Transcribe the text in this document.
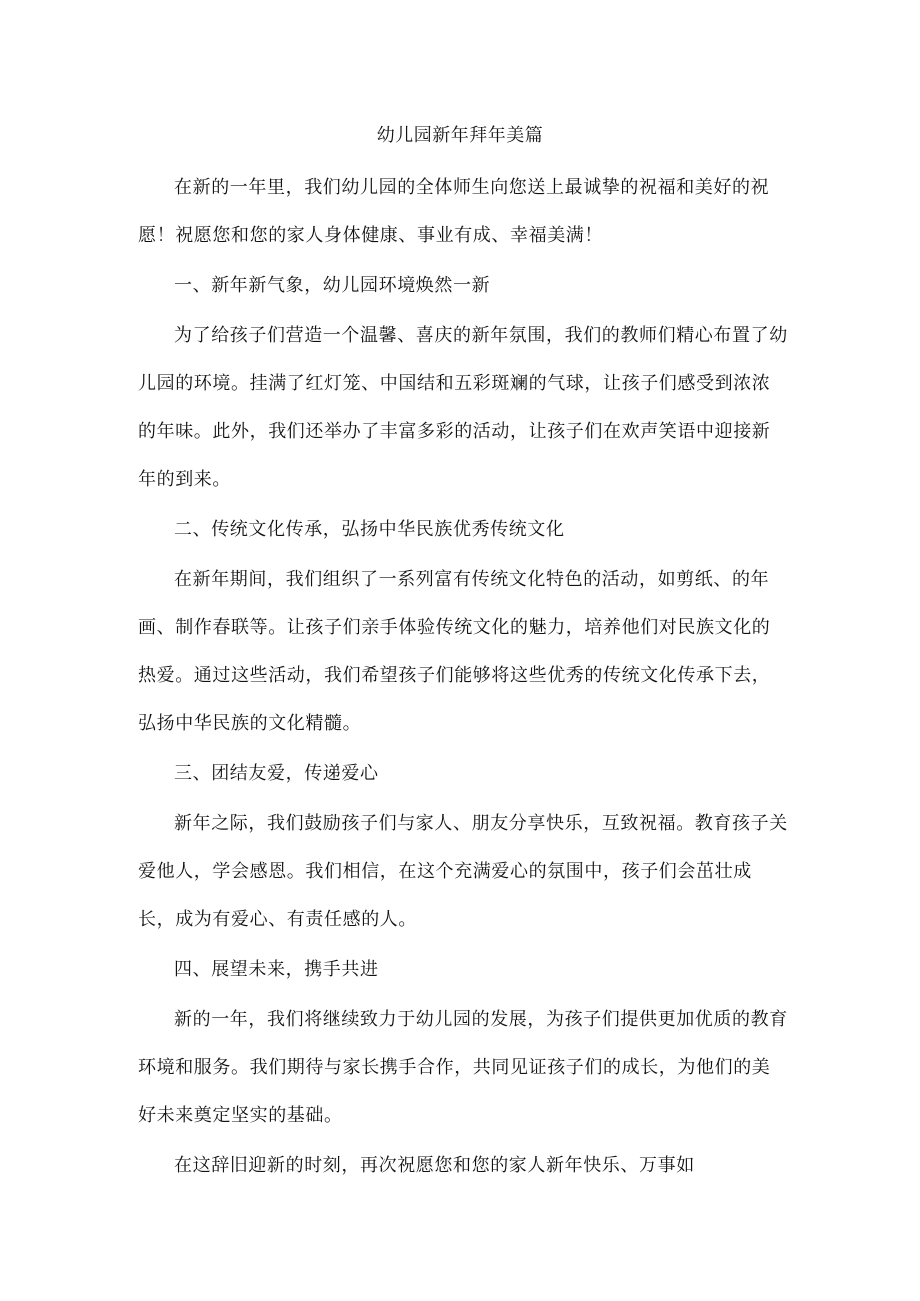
幼儿园新年拜年美篇

在新的一年里，我们幼儿园的全体师生向您送上最诚挚的祝福和美好的祝愿！祝愿您和您的家人身体健康、事业有成、幸福美满！

一、新年新气象，幼儿园环境焕然一新

为了给孩子们营造一个温馨、喜庆的新年氛围，我们的教师们精心布置了幼儿园的环境。挂满了红灯笼、中国结和五彩斑斓的气球，让孩子们感受到浓浓的年味。此外，我们还举办了丰富多彩的活动，让孩子们在欢声笑语中迎接新年的到来。

二、传统文化传承，弘扬中华民族优秀传统文化

在新年期间，我们组织了一系列富有传统文化特色的活动，如剪纸、的年画、制作春联等。让孩子们亲手体验传统文化的魅力，培养他们对民族文化的热爱。通过这些活动，我们希望孩子们能够将这些优秀的传统文化传承下去，弘扬中华民族的文化精髓。

三、团结友爱，传递爱心

新年之际，我们鼓励孩子们与家人、朋友分享快乐，互致祝福。教育孩子关爱他人，学会感恩。我们相信，在这个充满爱心的氛围中，孩子们会茁壮成长，成为有爱心、有责任感的人。

四、展望未来，携手共进

新的一年，我们将继续致力于幼儿园的发展，为孩子们提供更加优质的教育环境和服务。我们期待与家长携手合作，共同见证孩子们的成长，为他们的美好未来奠定坚实的基础。

在这辞旧迎新的时刻，再次祝愿您和您的家人新年快乐、万事如
